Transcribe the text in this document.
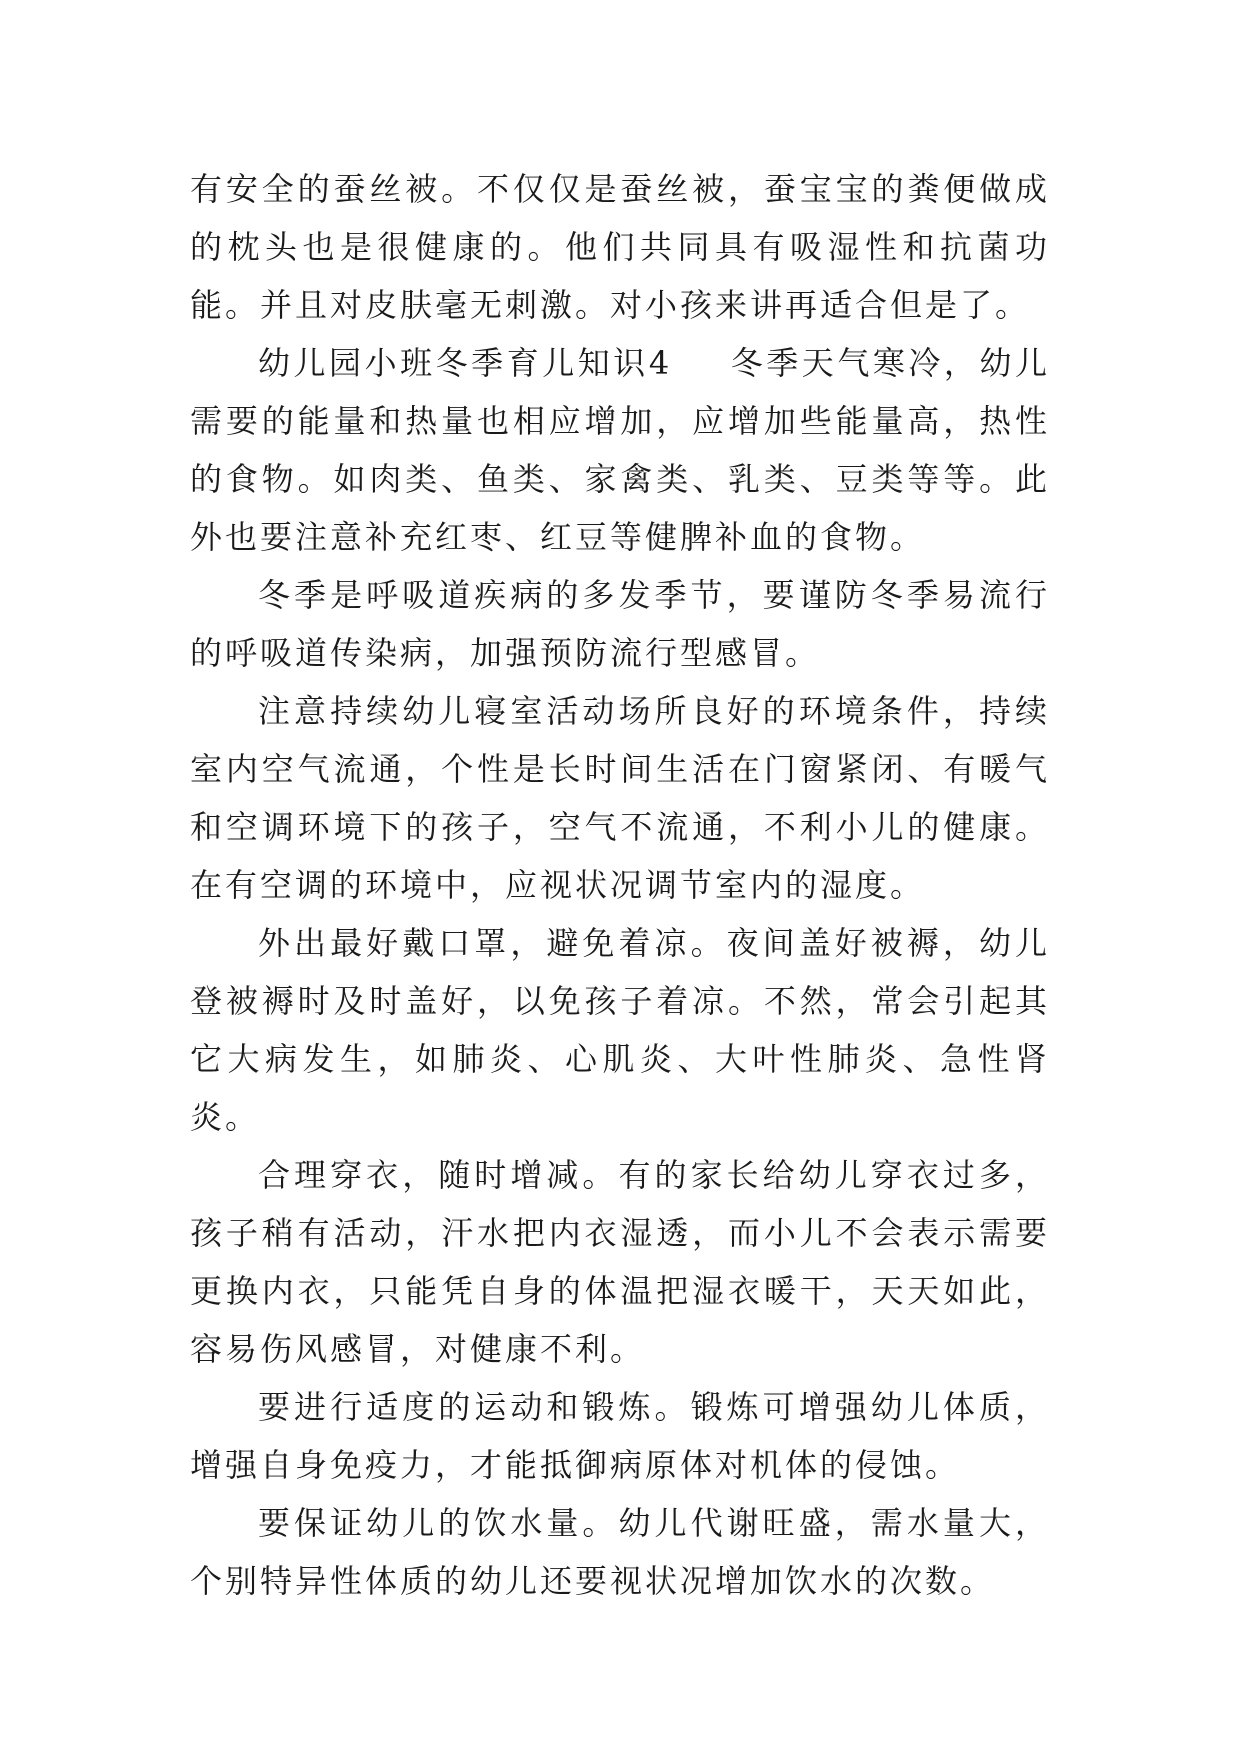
有安全的蚕丝被。不仅仅是蚕丝被，蚕宝宝的粪便做成的枕头也是很健康的。他们共同具有吸湿性和抗菌功能。并且对皮肤毫无刺激。对小孩来讲再适合但是了。

幼儿园小班冬季育儿知识4 冬季天气寒冷，幼儿需要的能量和热量也相应增加，应增加些能量高，热性的食物。如肉类、鱼类、家禽类、乳类、豆类等等。此外也要注意补充红枣、红豆等健脾补血的食物。

冬季是呼吸道疾病的多发季节，要谨防冬季易流行的呼吸道传染病，加强预防流行型感冒。

注意持续幼儿寝室活动场所良好的环境条件，持续室内空气流通，个性是长时间生活在门窗紧闭、有暖气和空调环境下的孩子，空气不流通，不利小儿的健康。在有空调的环境中，应视状况调节室内的湿度。

外出最好戴口罩，避免着凉。夜间盖好被褥，幼儿登被褥时及时盖好，以免孩子着凉。不然，常会引起其它大病发生，如肺炎、心肌炎、大叶性肺炎、急性肾炎。

合理穿衣，随时增减。有的家长给幼儿穿衣过多，孩子稍有活动，汗水把内衣湿透，而小儿不会表示需要更换内衣，只能凭自身的体温把湿衣暖干，天天如此，容易伤风感冒，对健康不利。

要进行适度的运动和锻炼。锻炼可增强幼儿体质，增强自身免疫力，才能抵御病原体对机体的侵蚀。

要保证幼儿的饮水量。幼儿代谢旺盛，需水量大，个别特异性体质的幼儿还要视状况增加饮水的次数。
